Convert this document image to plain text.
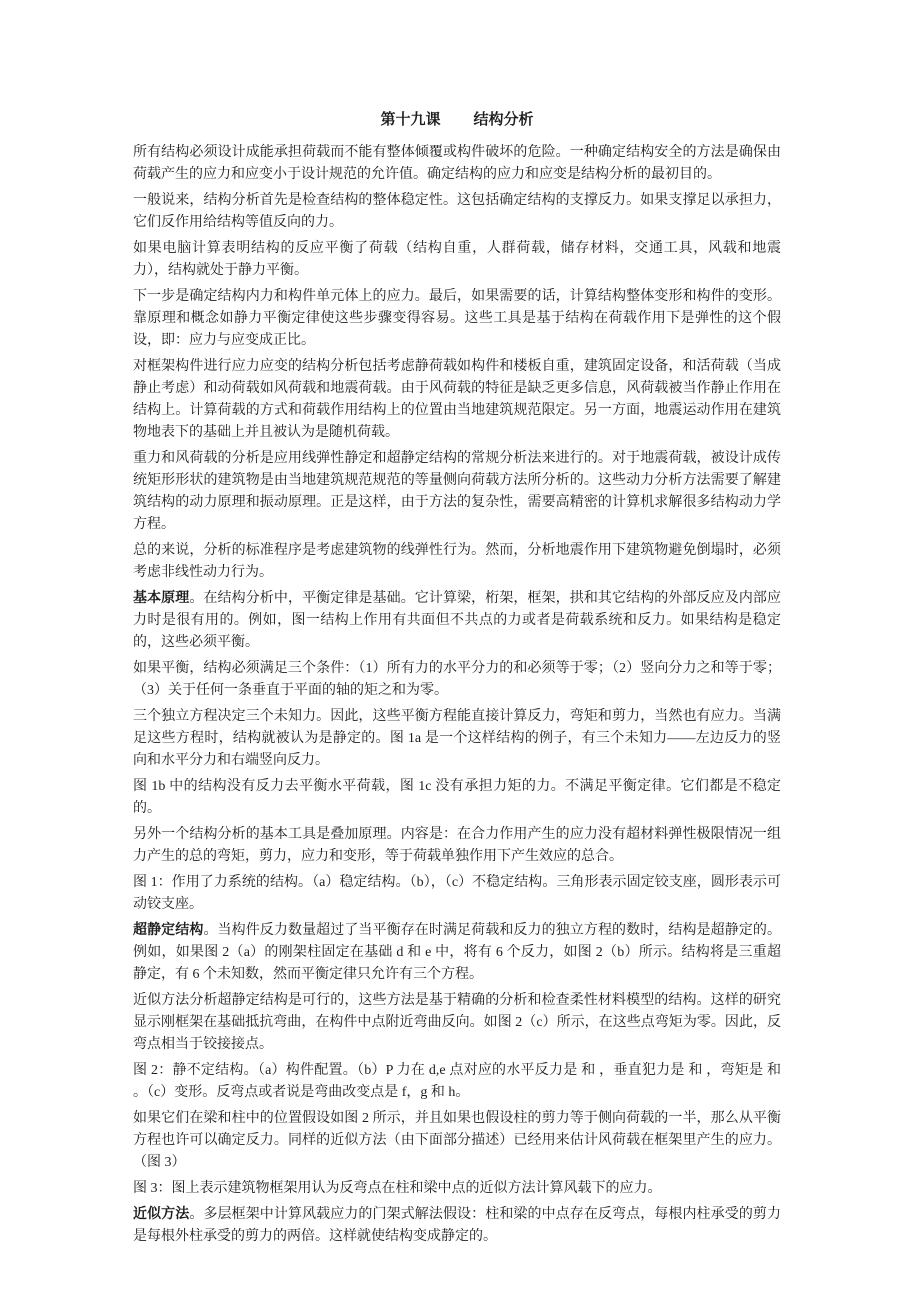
第十九课 结构分析

所有结构必须设计成能承担荷载而不能有整体倾覆或构件破坏的危险。一种确定结构安全的方法是确保由荷载产生的应力和应变小于设计规范的允许值。确定结构的应力和应变是结构分析的最初目的。

一般说来，结构分析首先是检查结构的整体稳定性。这包括确定结构的支撑反力。如果支撑足以承担力，它们反作用给结构等值反向的力。

如果电脑计算表明结构的反应平衡了荷载（结构自重，人群荷载，储存材料，交通工具，风载和地震力），结构就处于静力平衡。

下一步是确定结构内力和构件单元体上的应力。最后，如果需要的话，计算结构整体变形和构件的变形。靠原理和概念如静力平衡定律使这些步骤变得容易。这些工具是基于结构在荷载作用下是弹性的这个假设，即：应力与应变成正比。

对框架构件进行应力应变的结构分析包括考虑静荷载如构件和楼板自重，建筑固定设备，和活荷载（当成静止考虑）和动荷载如风荷载和地震荷载。由于风荷载的特征是缺乏更多信息，风荷载被当作静止作用在结构上。计算荷载的方式和荷载作用结构上的位置由当地建筑规范限定。另一方面，地震运动作用在建筑物地表下的基础上并且被认为是随机荷载。

重力和风荷载的分析是应用线弹性静定和超静定结构的常规分析法来进行的。对于地震荷载，被设计成传统矩形形状的建筑物是由当地建筑规范规范的等量侧向荷载方法所分析的。这些动力分析方法需要了解建筑结构的动力原理和振动原理。正是这样，由于方法的复杂性，需要高精密的计算机求解很多结构动力学方程。

总的来说，分析的标准程序是考虑建筑物的线弹性行为。然而，分析地震作用下建筑物避免倒塌时，必须考虑非线性动力行为。

基本原理。在结构分析中，平衡定律是基础。它计算梁，桁架，框架，拱和其它结构的外部反应及内部应力时是很有用的。例如，图一结构上作用有共面但不共点的力或者是荷载系统和反力。如果结构是稳定的，这些必须平衡。

如果平衡，结构必须满足三个条件：（1）所有力的水平分力的和必须等于零；（2）竖向分力之和等于零；（3）关于任何一条垂直于平面的轴的矩之和为零。

三个独立方程决定三个未知力。因此，这些平衡方程能直接计算反力，弯矩和剪力，当然也有应力。当满足这些方程时，结构就被认为是静定的。图 1a 是一个这样结构的例子，有三个未知力——左边反力的竖向和水平分力和右端竖向反力。

图 1b 中的结构没有反力去平衡水平荷载，图 1c 没有承担力矩的力。不满足平衡定律。它们都是不稳定的。

另外一个结构分析的基本工具是叠加原理。内容是：在合力作用产生的应力没有超材料弹性极限情况一组力产生的总的弯矩，剪力，应力和变形，等于荷载单独作用下产生效应的总合。

图 1：作用了力系统的结构。（a）稳定结构。（b），（c）不稳定结构。三角形表示固定铰支座，圆形表示可动铰支座。

超静定结构。当构件反力数量超过了当平衡存在时满足荷载和反力的独立方程的数时，结构是超静定的。例如，如果图 2（a）的刚架柱固定在基础 d 和 e 中，将有 6 个反力，如图 2（b）所示。结构将是三重超静定，有 6 个未知数，然而平衡定律只允许有三个方程。

近似方法分析超静定结构是可行的，这些方法是基于精确的分析和检查柔性材料模型的结构。这样的研究显示刚框架在基础抵抗弯曲，在构件中点附近弯曲反向。如图 2（c）所示，在这些点弯矩为零。因此，反弯点相当于铰接接点。

图 2：静不定结构。（a）构件配置。（b）P 力在 d,e 点对应的水平反力是 和 ，垂直犯力是 和 ，弯矩是 和 。（c）变形。反弯点或者说是弯曲改变点是 f，g 和 h。

如果它们在梁和柱中的位置假设如图 2 所示，并且如果也假设柱的剪力等于侧向荷载的一半，那么从平衡方程也许可以确定反力。同样的近似方法（由下面部分描述）已经用来估计风荷载在框架里产生的应力。（图 3）

图 3：图上表示建筑物框架用认为反弯点在柱和梁中点的近似方法计算风载下的应力。

近似方法。多层框架中计算风载应力的门架式解法假设：柱和梁的中点存在反弯点，每根内柱承受的剪力是每根外柱承受的剪力的两倍。这样就使结构变成静定的。
